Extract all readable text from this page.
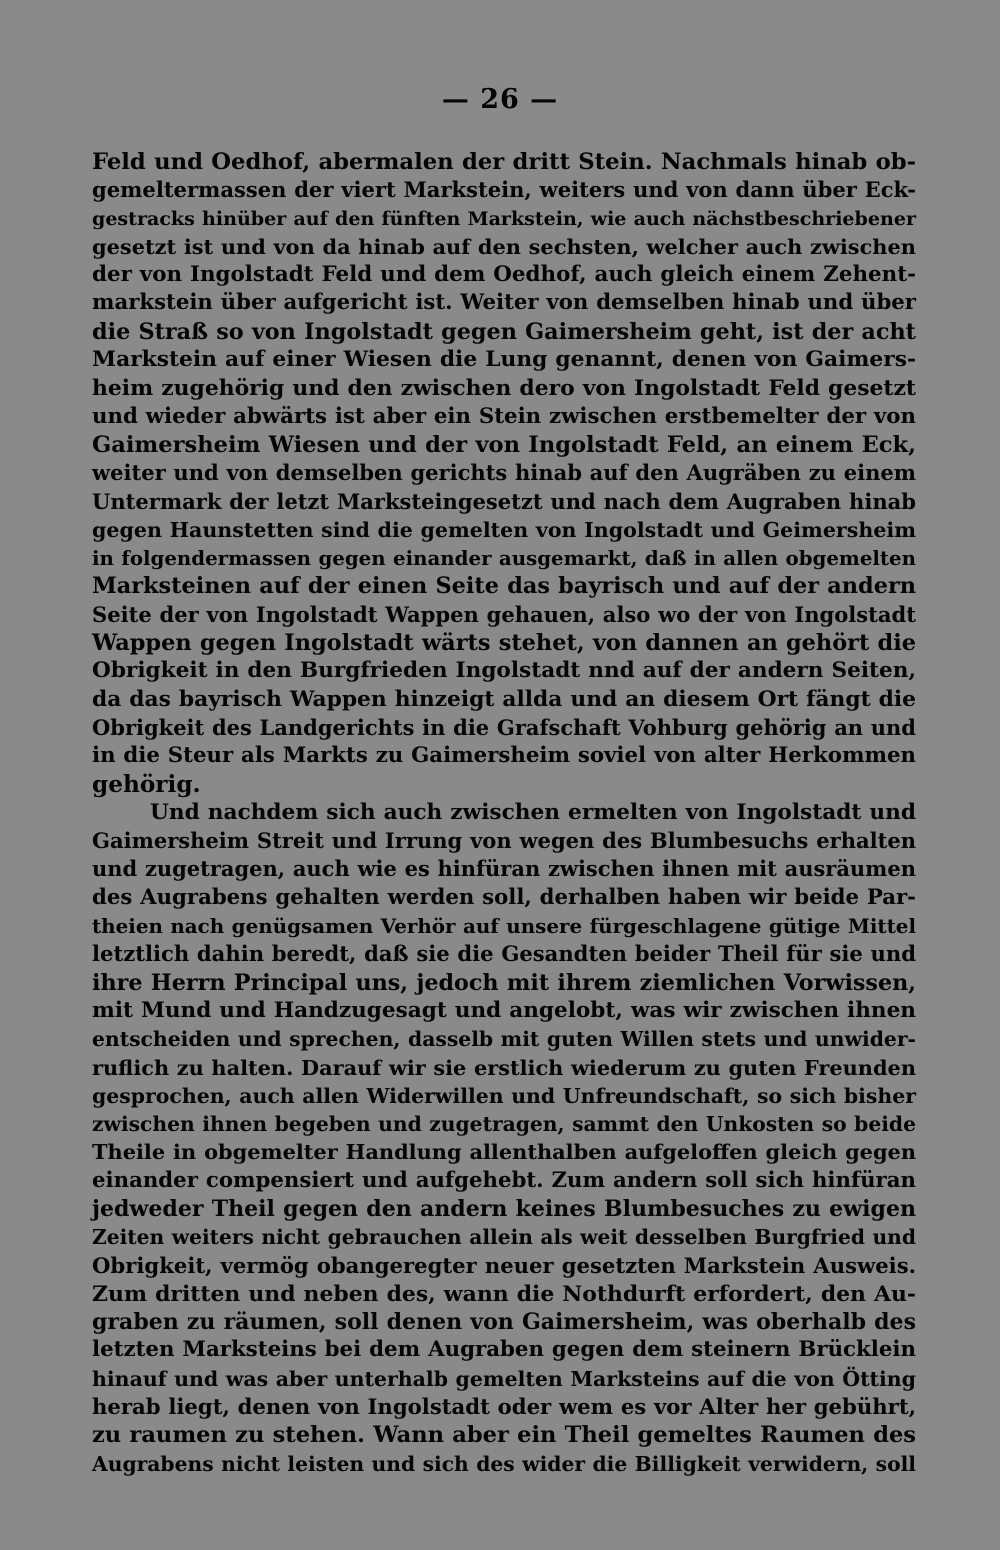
— 26 —
Feld und Oedhof, abermalen der dritt Stein. Nachmals hinab ob-
gemeltermassen der viert Markstein, weiters und von dann über Eck-
gestracks hinüber auf den fünften Markstein, wie auch nächstbeschriebener
gesetzt ist und von da hinab auf den sechsten, welcher auch zwischen
der von Ingolstadt Feld und dem Oedhof, auch gleich einem Zehent-
markstein über aufgericht ist. Weiter von demselben hinab und über
die Straß so von Ingolstadt gegen Gaimersheim geht, ist der acht
Markstein auf einer Wiesen die Lung genannt, denen von Gaimers-
heim zugehörig und den zwischen dero von Ingolstadt Feld gesetzt
und wieder abwärts ist aber ein Stein zwischen erstbemelter der von
Gaimersheim Wiesen und der von Ingolstadt Feld, an einem Eck,
weiter und von demselben gerichts hinab auf den Augräben zu einem
Untermark der letzt Marksteingesetzt und nach dem Augraben hinab
gegen Haunstetten sind die gemelten von Ingolstadt und Geimersheim
in folgendermassen gegen einander ausgemarkt, daß in allen obgemelten
Marksteinen auf der einen Seite das bayrisch und auf der andern
Seite der von Ingolstadt Wappen gehauen, also wo der von Ingolstadt
Wappen gegen Ingolstadt wärts stehet, von dannen an gehört die
Obrigkeit in den Burgfrieden Ingolstadt nnd auf der andern Seiten,
da das bayrisch Wappen hinzeigt allda und an diesem Ort fängt die
Obrigkeit des Landgerichts in die Grafschaft Vohburg gehörig an und
in die Steur als Markts zu Gaimersheim soviel von alter Herkommen
gehörig.
Und nachdem sich auch zwischen ermelten von Ingolstadt und
Gaimersheim Streit und Irrung von wegen des Blumbesuchs erhalten
und zugetragen, auch wie es hinfüran zwischen ihnen mit ausräumen
des Augrabens gehalten werden soll, derhalben haben wir beide Par-
theien nach genügsamen Verhör auf unsere fürgeschlagene gütige Mittel
letztlich dahin beredt, daß sie die Gesandten beider Theil für sie und
ihre Herrn Principal uns, jedoch mit ihrem ziemlichen Vorwissen,
mit Mund und Handzugesagt und angelobt, was wir zwischen ihnen
entscheiden und sprechen, dasselb mit guten Willen stets und unwider-
ruflich zu halten. Darauf wir sie erstlich wiederum zu guten Freunden
gesprochen, auch allen Widerwillen und Unfreundschaft, so sich bisher
zwischen ihnen begeben und zugetragen, sammt den Unkosten so beide
Theile in obgemelter Handlung allenthalben aufgeloffen gleich gegen
einander compensiert und aufgehebt. Zum andern soll sich hinfüran
jedweder Theil gegen den andern keines Blumbesuches zu ewigen
Zeiten weiters nicht gebrauchen allein als weit desselben Burgfried und
Obrigkeit, vermög obangeregter neuer gesetzten Markstein Ausweis.
Zum dritten und neben des, wann die Nothdurft erfordert, den Au-
graben zu räumen, soll denen von Gaimersheim, was oberhalb des
letzten Marksteins bei dem Augraben gegen dem steinern Brücklein
hinauf und was aber unterhalb gemelten Marksteins auf die von Ötting
herab liegt, denen von Ingolstadt oder wem es vor Alter her gebührt,
zu raumen zu stehen. Wann aber ein Theil gemeltes Raumen des
Augrabens nicht leisten und sich des wider die Billigkeit verwidern, soll
